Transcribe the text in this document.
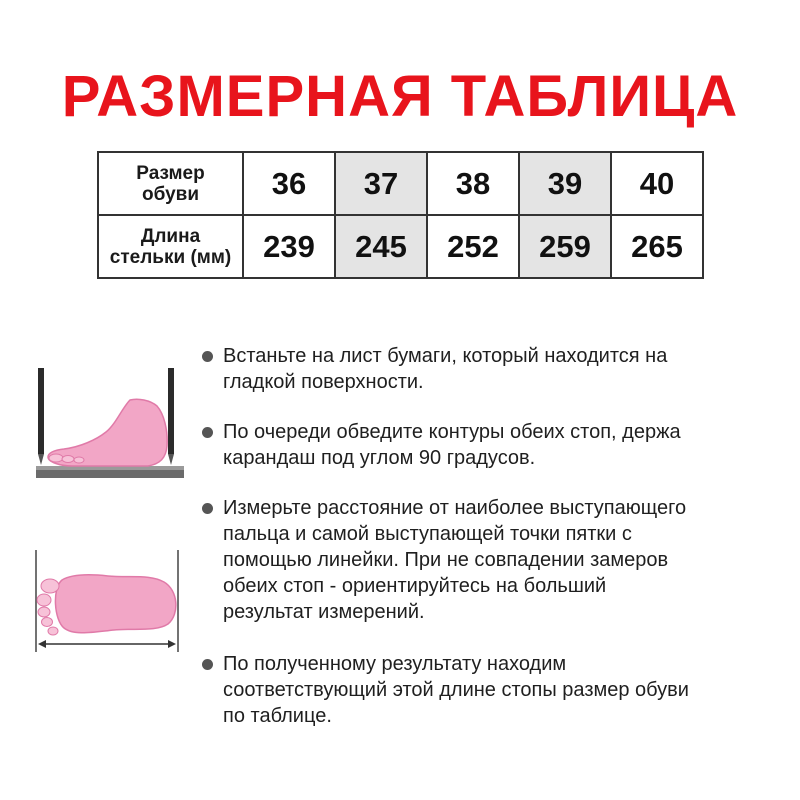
РАЗМЕРНАЯ ТАБЛИЦА
Размер
обуви	36	37	38	39	40

Длина
стельки (мм)	239	245	252	259	265
Встаньте на лист бумаги, который находится на
гладкой поверхности.
По очереди обведите контуры обеих стоп, держа
карандаш под углом 90 градусов.
Измерьте расстояние от наиболее выступающего
пальца и самой выступающей точки пятки с
помощью линейки. При не совпадении замеров
обеих стоп - ориентируйтесь на больший
результат измерений.
По полученному результату находим
соответствующий этой длине стопы размер обуви
по таблице.
